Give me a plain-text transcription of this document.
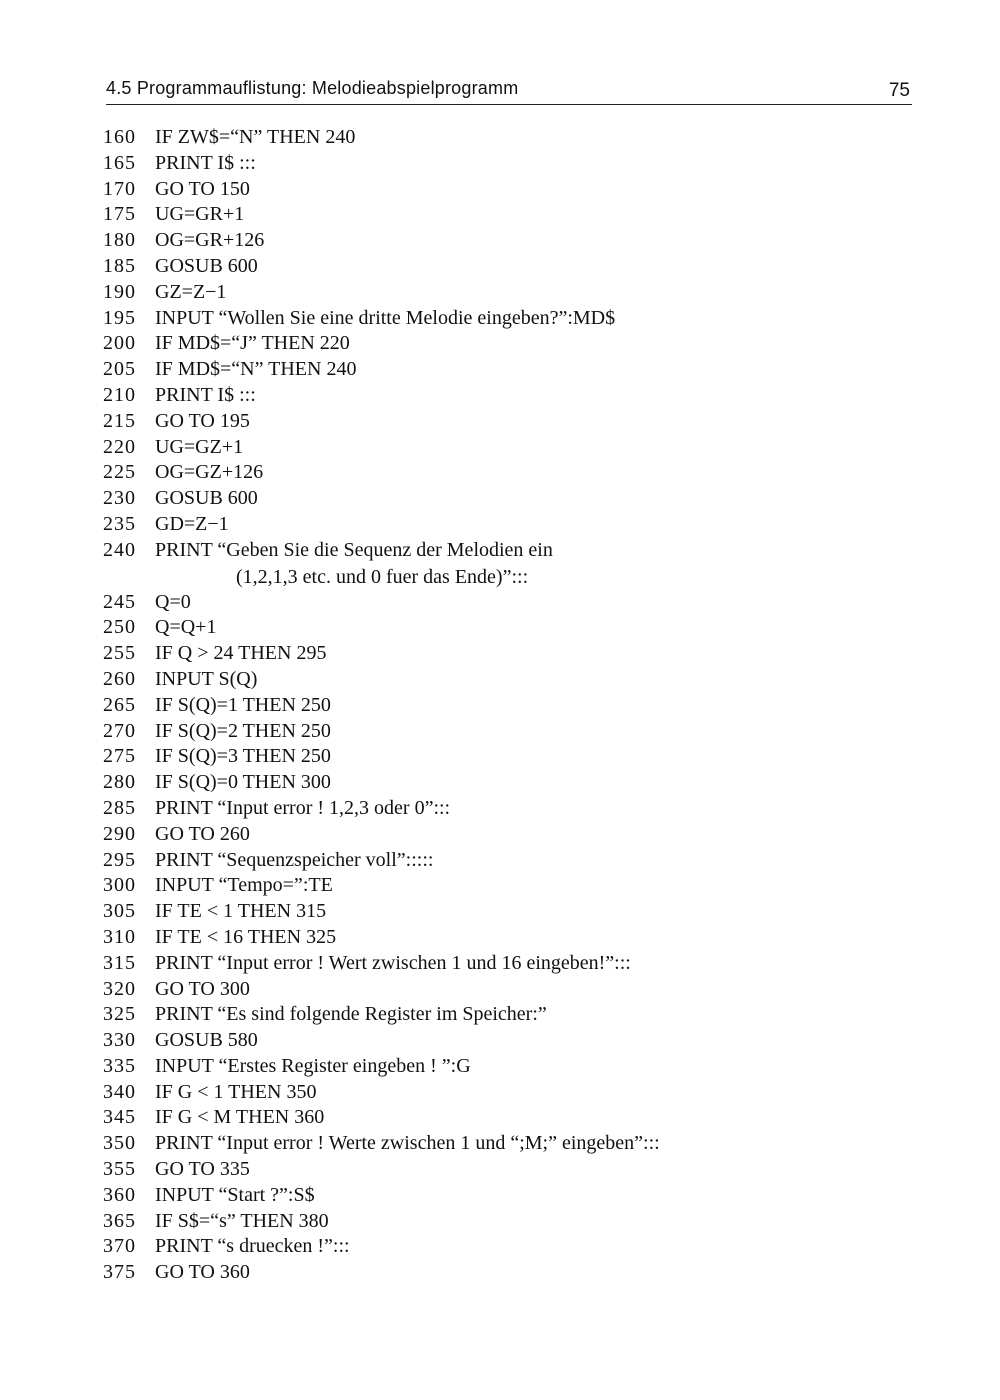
4.5 Programmauflistung: Melodieabspielprogramm	75
160 IF ZW$=“N” THEN 240
165 PRINT I$ :::
170 GO TO 150
175 UG=GR+1
180 OG=GR+126
185 GOSUB 600
190 GZ=Z−1
195 INPUT “Wollen Sie eine dritte Melodie eingeben?”:MD$
200 IF MD$=“J” THEN 220
205 IF MD$=“N” THEN 240
210 PRINT I$ :::
215 GO TO 195
220 UG=GZ+1
225 OG=GZ+126
230 GOSUB 600
235 GD=Z−1
240 PRINT “Geben Sie die Sequenz der Melodien ein
(1,2,1,3 etc. und 0 fuer das Ende)”:::
245 Q=0
250 Q=Q+1
255 IF Q > 24 THEN 295
260 INPUT S(Q)
265 IF S(Q)=1 THEN 250
270 IF S(Q)=2 THEN 250
275 IF S(Q)=3 THEN 250
280 IF S(Q)=0 THEN 300
285 PRINT “Input error ! 1,2,3 oder 0”:::
290 GO TO 260
295 PRINT “Sequenzspeicher voll”:::::
300 INPUT “Tempo=”:TE
305 IF TE < 1 THEN 315
310 IF TE < 16 THEN 325
315 PRINT “Input error ! Wert zwischen 1 und 16 eingeben!”:::
320 GO TO 300
325 PRINT “Es sind folgende Register im Speicher:”
330 GOSUB 580
335 INPUT “Erstes Register eingeben ! ”:G
340 IF G < 1 THEN 350
345 IF G < M THEN 360
350 PRINT “Input error ! Werte zwischen 1 und “;M;” eingeben”:::
355 GO TO 335
360 INPUT “Start ?”:S$
365 IF S$=“s” THEN 380
370 PRINT “s druecken !”:::
375 GO TO 360
